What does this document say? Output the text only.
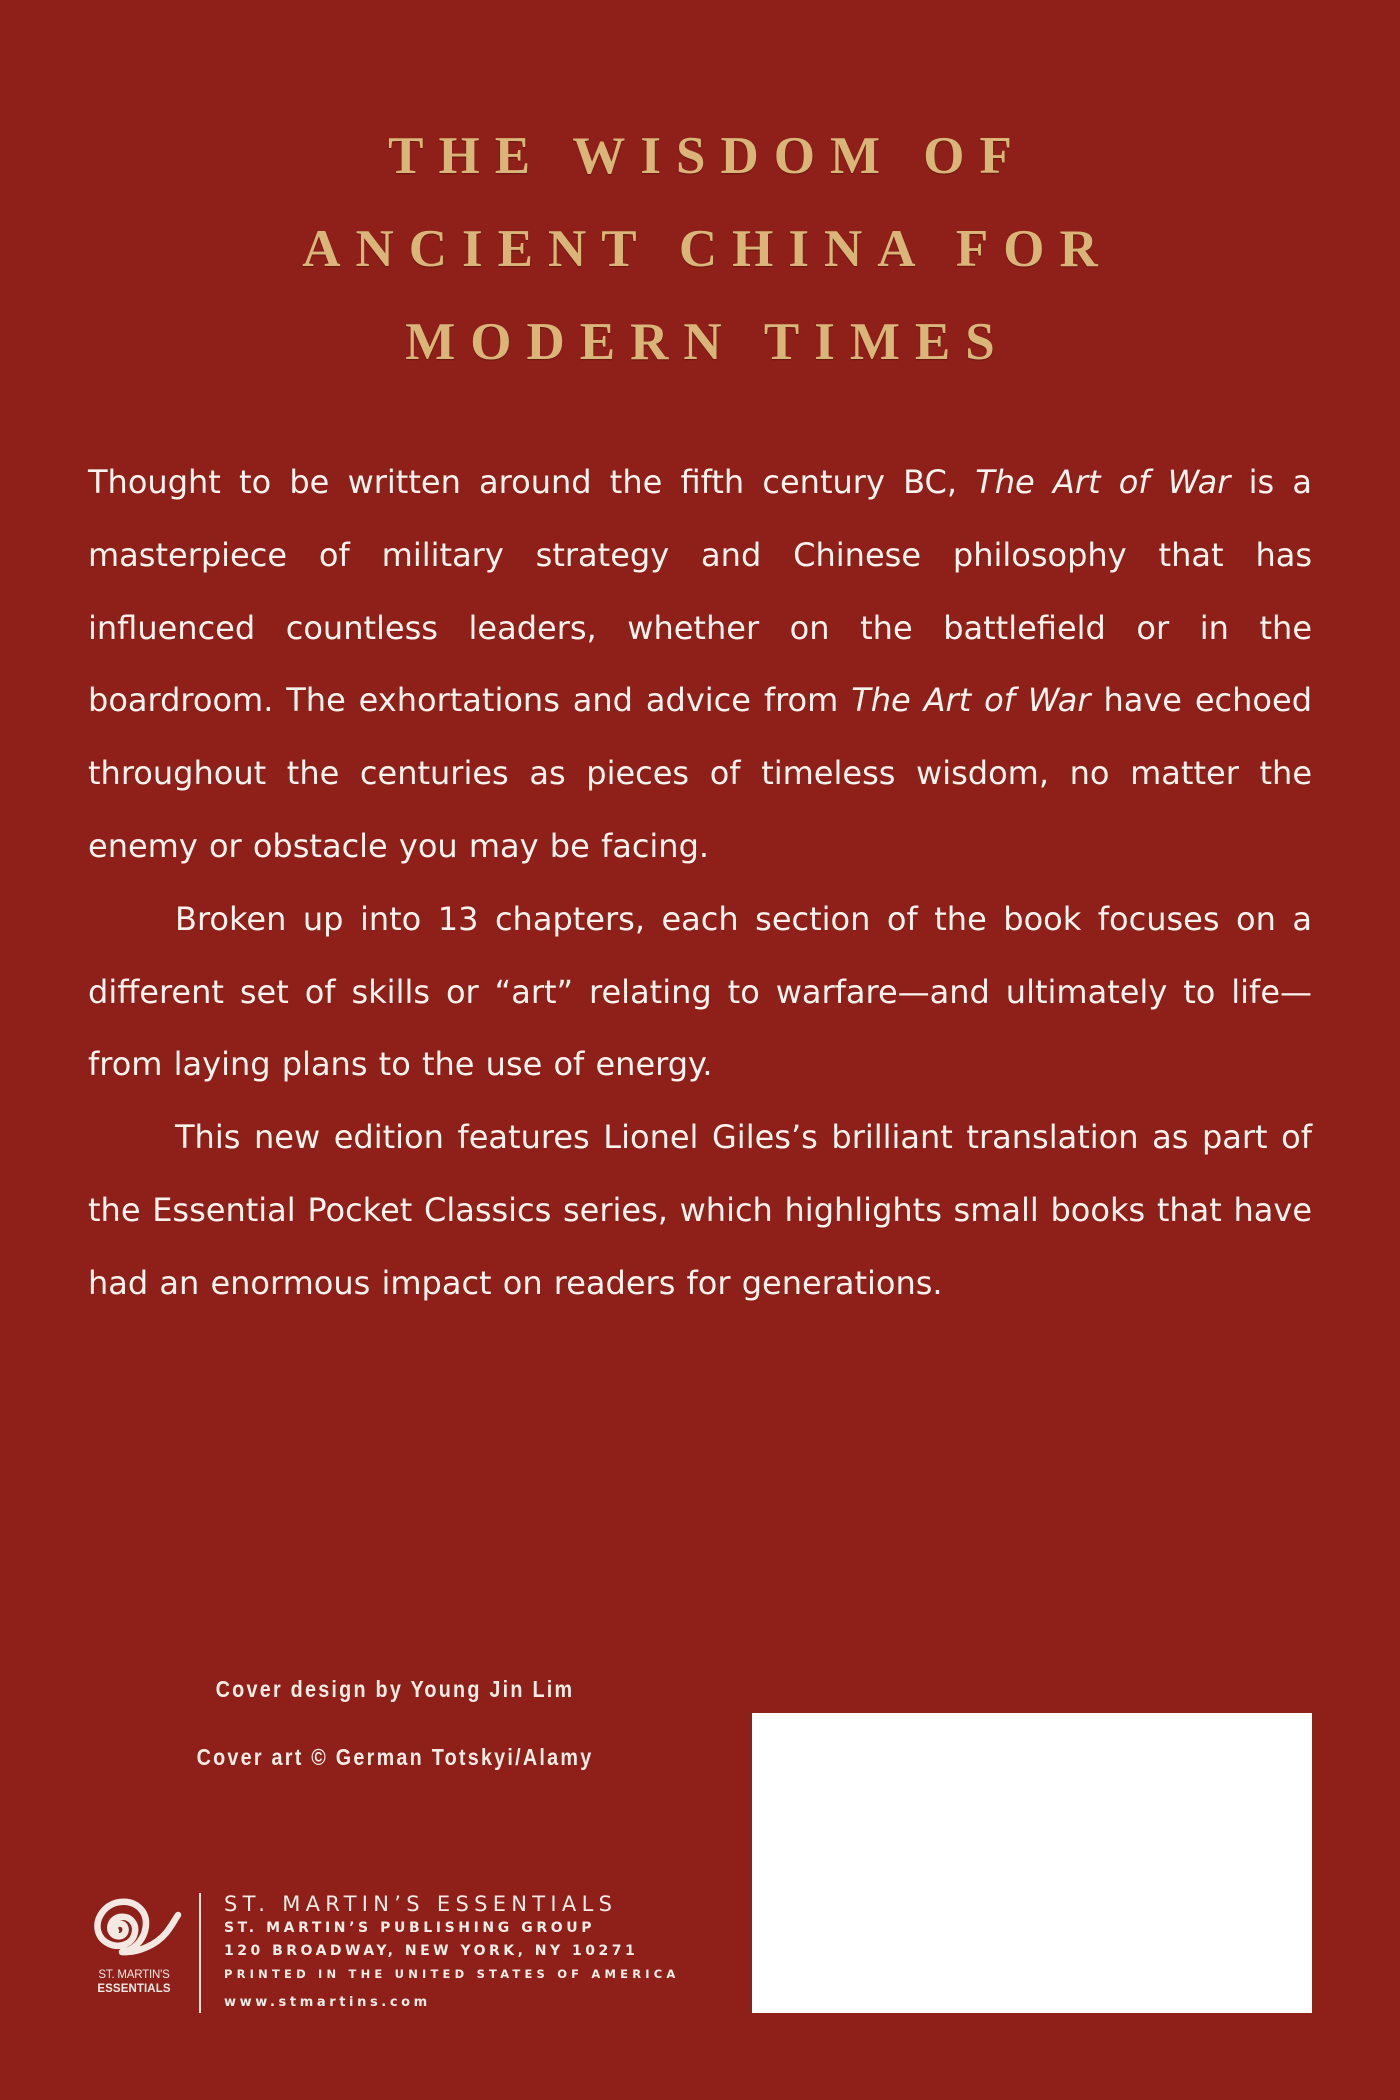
THE WISDOM OF
ANCIENT CHINA FOR
MODERN TIMES

Thought to be written around the fifth century BC, The Art of War is a masterpiece of military strategy and Chinese philosophy that has influenced countless leaders, whether on the battlefield or in the boardroom. The exhortations and advice from The Art of War have echoed throughout the centuries as pieces of timeless wisdom, no matter the enemy or obstacle you may be facing.

Broken up into 13 chapters, each section of the book focuses on a different set of skills or “art” relating to warfare—and ultimately to life—from laying plans to the use of energy.

This new edition features Lionel Giles’s brilliant translation as part of the Essential Pocket Classics series, which highlights small books that have had an enormous impact on readers for generations.

Cover design by Young Jin Lim
Cover art © German Totskyi/Alamy
ST. MARTIN'S
ESSENTIALS
ST. MARTIN’S ESSENTIALS
ST. MARTIN’S PUBLISHING GROUP
120 BROADWAY, NEW YORK, NY 10271
PRINTED IN THE UNITED STATES OF AMERICA
www.stmartins.com
